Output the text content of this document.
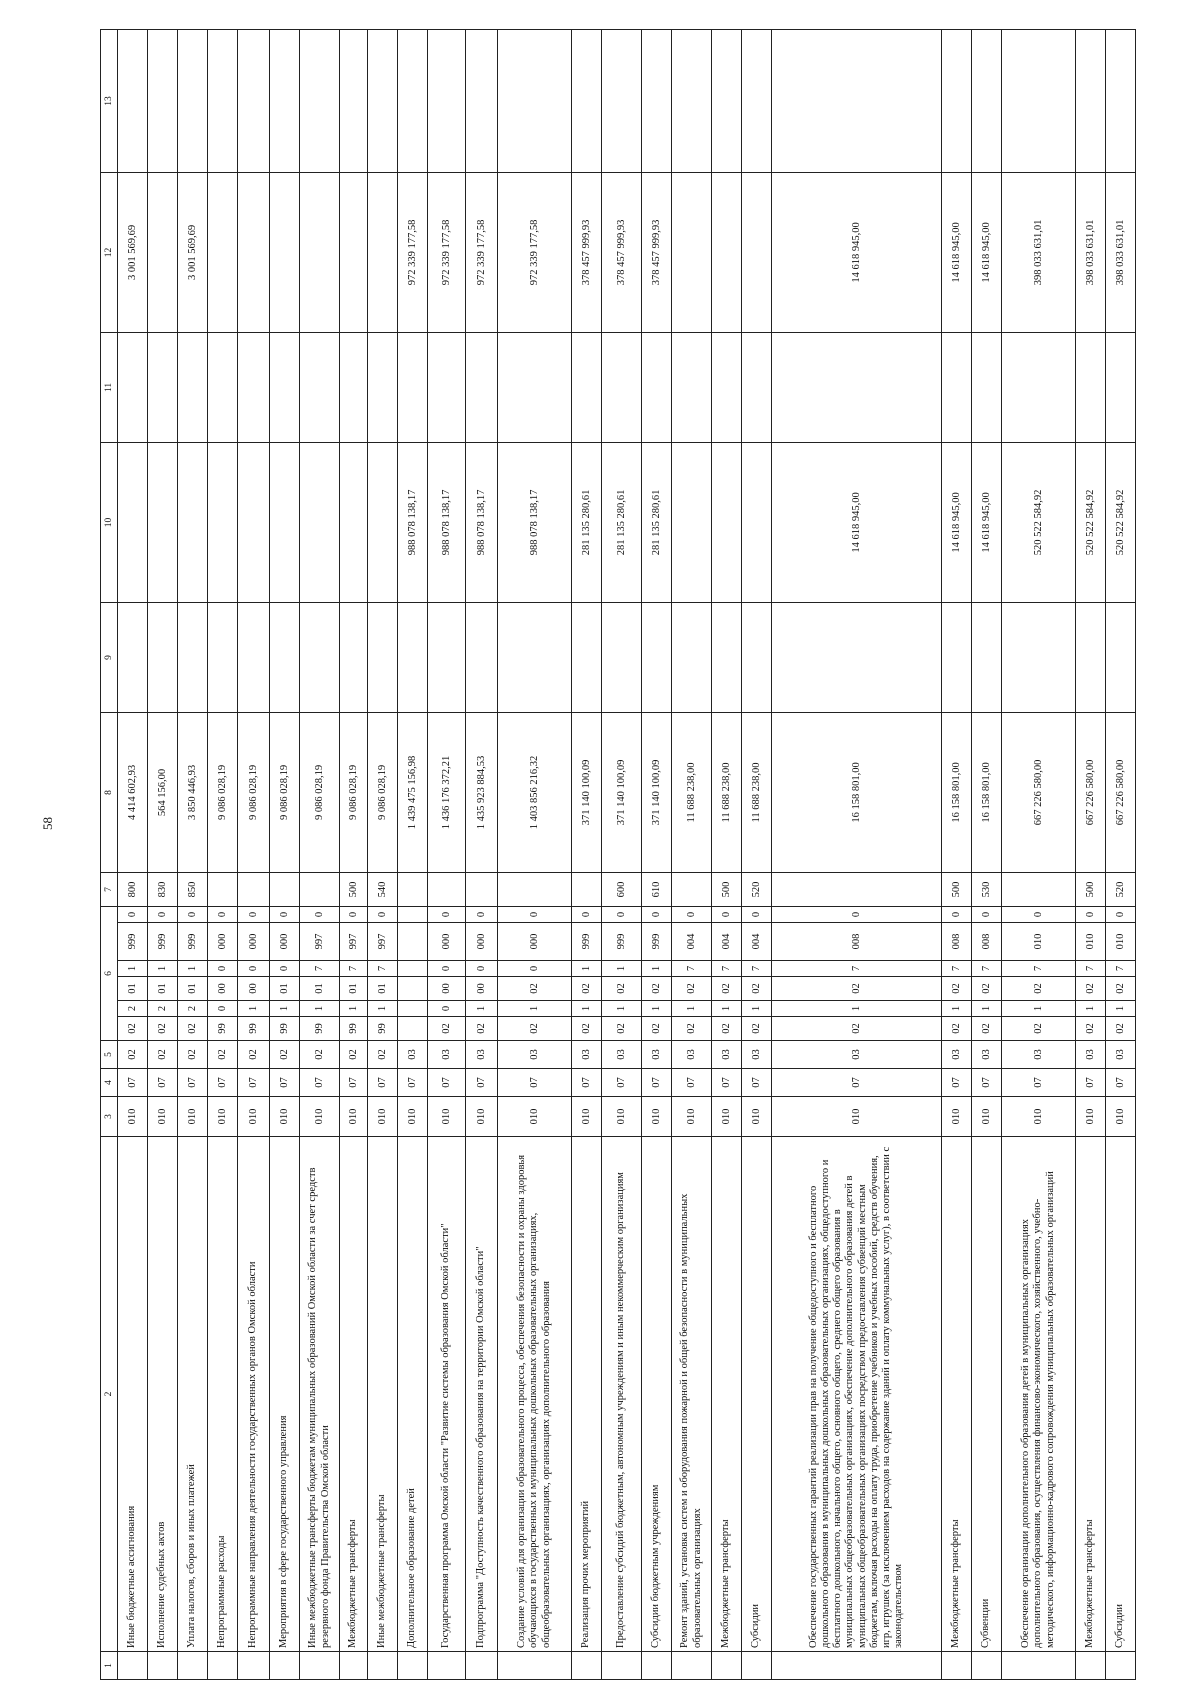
58
1	2	3	4	5	6						7	8	9	10	11	12	13
	Иные бюджетные ассигнования	010	07	02	02	2	01	1	999	0	800	4 414 602,93				3 001 569,69	
	Исполнение судебных актов	010	07	02	02	2	01	1	999	0	830	564 156,00					
	Уплата налогов, сборов и иных платежей	010	07	02	02	2	01	1	999	0	850	3 850 446,93				3 001 569,69	
	Непрограммные расходы	010	07	02	99	0	00	0	000	0		9 086 028,19					
	Непрограммные направления деятельности государственных органов Омской области	010	07	02	99	1	00	0	000	0		9 086 028,19					
	Мероприятия в сфере государственного управления	010	07	02	99	1	01	0	000	0		9 086 028,19					
	Иные межбюджетные трансферты бюджетам муниципальных образований Омской области за счет средств резервного фонда Правительства Омской области	010	07	02	99	1	01	7	997	0		9 086 028,19					
	Межбюджетные трансферты	010	07	02	99	1	01	7	997	0	500	9 086 028,19					
	Иные межбюджетные трансферты	010	07	02	99	1	01	7	997	0	540	9 086 028,19					
	Дополнительное образование детей	010	07	03								1 439 475 156,98		988 078 138,17		972 339 177,58	
	Государственная программа Омской области "Развитие системы образования Омской области"	010	07	03	02	0	00	0	000	0		1 436 176 372,21		988 078 138,17		972 339 177,58	
	Подпрограмма "Доступность качественного образования на территории Омской области"	010	07	03	02	1	00	0	000	0		1 435 923 884,53		988 078 138,17		972 339 177,58	
	Создание условий для организации образовательного процесса, обеспечения безопасности и охраны здоровья обучающихся в государственных и муниципальных дошкольных образовательных организациях, общеобразовательных организациях, организациях дополнительного образования	010	07	03	02	1	02	0	000	0		1 403 856 216,32		988 078 138,17		972 339 177,58	
	Реализация прочих мероприятий	010	07	03	02	1	02	1	999	0		371 140 100,09		281 135 280,61		378 457 999,93	
	Предоставление субсидий бюджетным, автономным учреждениям и иным некоммерческим организациям	010	07	03	02	1	02	1	999	0	600	371 140 100,09		281 135 280,61		378 457 999,93	
	Субсидии бюджетным учреждениям	010	07	03	02	1	02	1	999	0	610	371 140 100,09		281 135 280,61		378 457 999,93	
	Ремонт зданий, установка систем и оборудования пожарной и общей безопасности в муниципальных образовательных организациях	010	07	03	02	1	02	7	004	0		11 688 238,00					
	Межбюджетные трансферты	010	07	03	02	1	02	7	004	0	500	11 688 238,00					
	Субсидии	010	07	03	02	1	02	7	004	0	520	11 688 238,00					
	Обеспечение государственных гарантий реализации прав на получение общедоступного и бесплатного дошкольного образования в муниципальных дошкольных образовательных организациях, общедоступного и бесплатного дошкольного, начального общего, основного общего, среднего общего образования в муниципальных общеобразовательных организациях, обеспечение дополнительного образования детей в муниципальных общеобразовательных организациях посредством предоставления субвенций местным бюджетам, включая расходы на оплату труда, приобретение учебников и учебных пособий, средств обучения, игр, игрушек (за исключением расходов на содержание зданий и оплату коммунальных услуг), в соответствии с законодательством	010	07	03	02	1	02	7	008	0		16 158 801,00		14 618 945,00		14 618 945,00	
	Межбюджетные трансферты	010	07	03	02	1	02	7	008	0	500	16 158 801,00		14 618 945,00		14 618 945,00	
	Субвенции	010	07	03	02	1	02	7	008	0	530	16 158 801,00		14 618 945,00		14 618 945,00	
	Обеспечение организации дополнительного образования детей в муниципальных организациях дополнительного образования, осуществления финансово-экономического, хозяйственного, учебно-методического, информационно-кадрового сопровождения муниципальных образовательных организаций	010	07	03	02	1	02	7	010	0		667 226 580,00		520 522 584,92		398 033 631,01	
	Межбюджетные трансферты	010	07	03	02	1	02	7	010	0	500	667 226 580,00		520 522 584,92		398 033 631,01	
	Субсидии	010	07	03	02	1	02	7	010	0	520	667 226 580,00		520 522 584,92		398 033 631,01	
